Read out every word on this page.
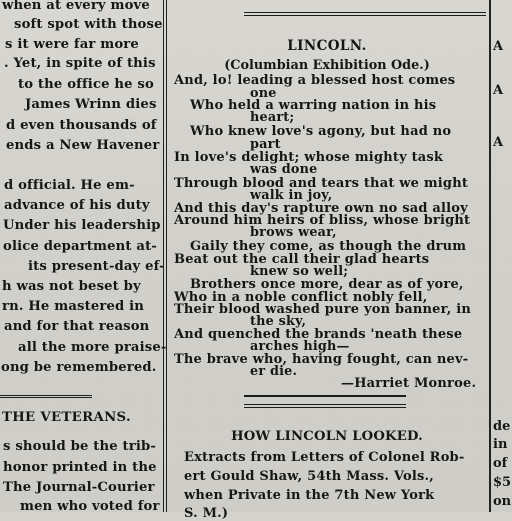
when at every move
soft spot with those
s it were far more
. Yet, in spite of this
to the office he so
James Wrinn dies
d even thousands of
ends a New Havener
d official. He em-
advance of his duty
Under his leadership
olice department at-
its present-day ef-
h was not beset by
rn. He mastered in
and for that reason
all the more praise-
ong be remembered.
THE VETERANS.
s should be the trib-
honor printed in the
The Journal-Courier
men who voted for
LINCOLN.
(Columbian Exhibition Ode.)
And, lo! leading a blessed host comes
one
Who held a warring nation in his
heart;
Who knew love's agony, but had no
part
In love's delight; whose mighty task
was done
Through blood and tears that we might
walk in joy,
And this day's rapture own no sad alloy
Around him heirs of bliss, whose bright
brows wear,
Gaily they come, as though the drum
Beat out the call their glad hearts
knew so well;
Brothers once more, dear as of yore,
Who in a noble conflict nobly fell,
Their blood washed pure yon banner, in
the sky,
And quenched the brands 'neath these
arches high—
The brave who, having fought, can nev-
er die.
—Harriet Monroe.
HOW LINCOLN LOOKED.
Extracts from Letters of Colonel Rob-
ert Gould Shaw, 54th Mass. Vols.,
when Private in the 7th New York
S. M.)
A
A
A
de
in
of
$5
on
